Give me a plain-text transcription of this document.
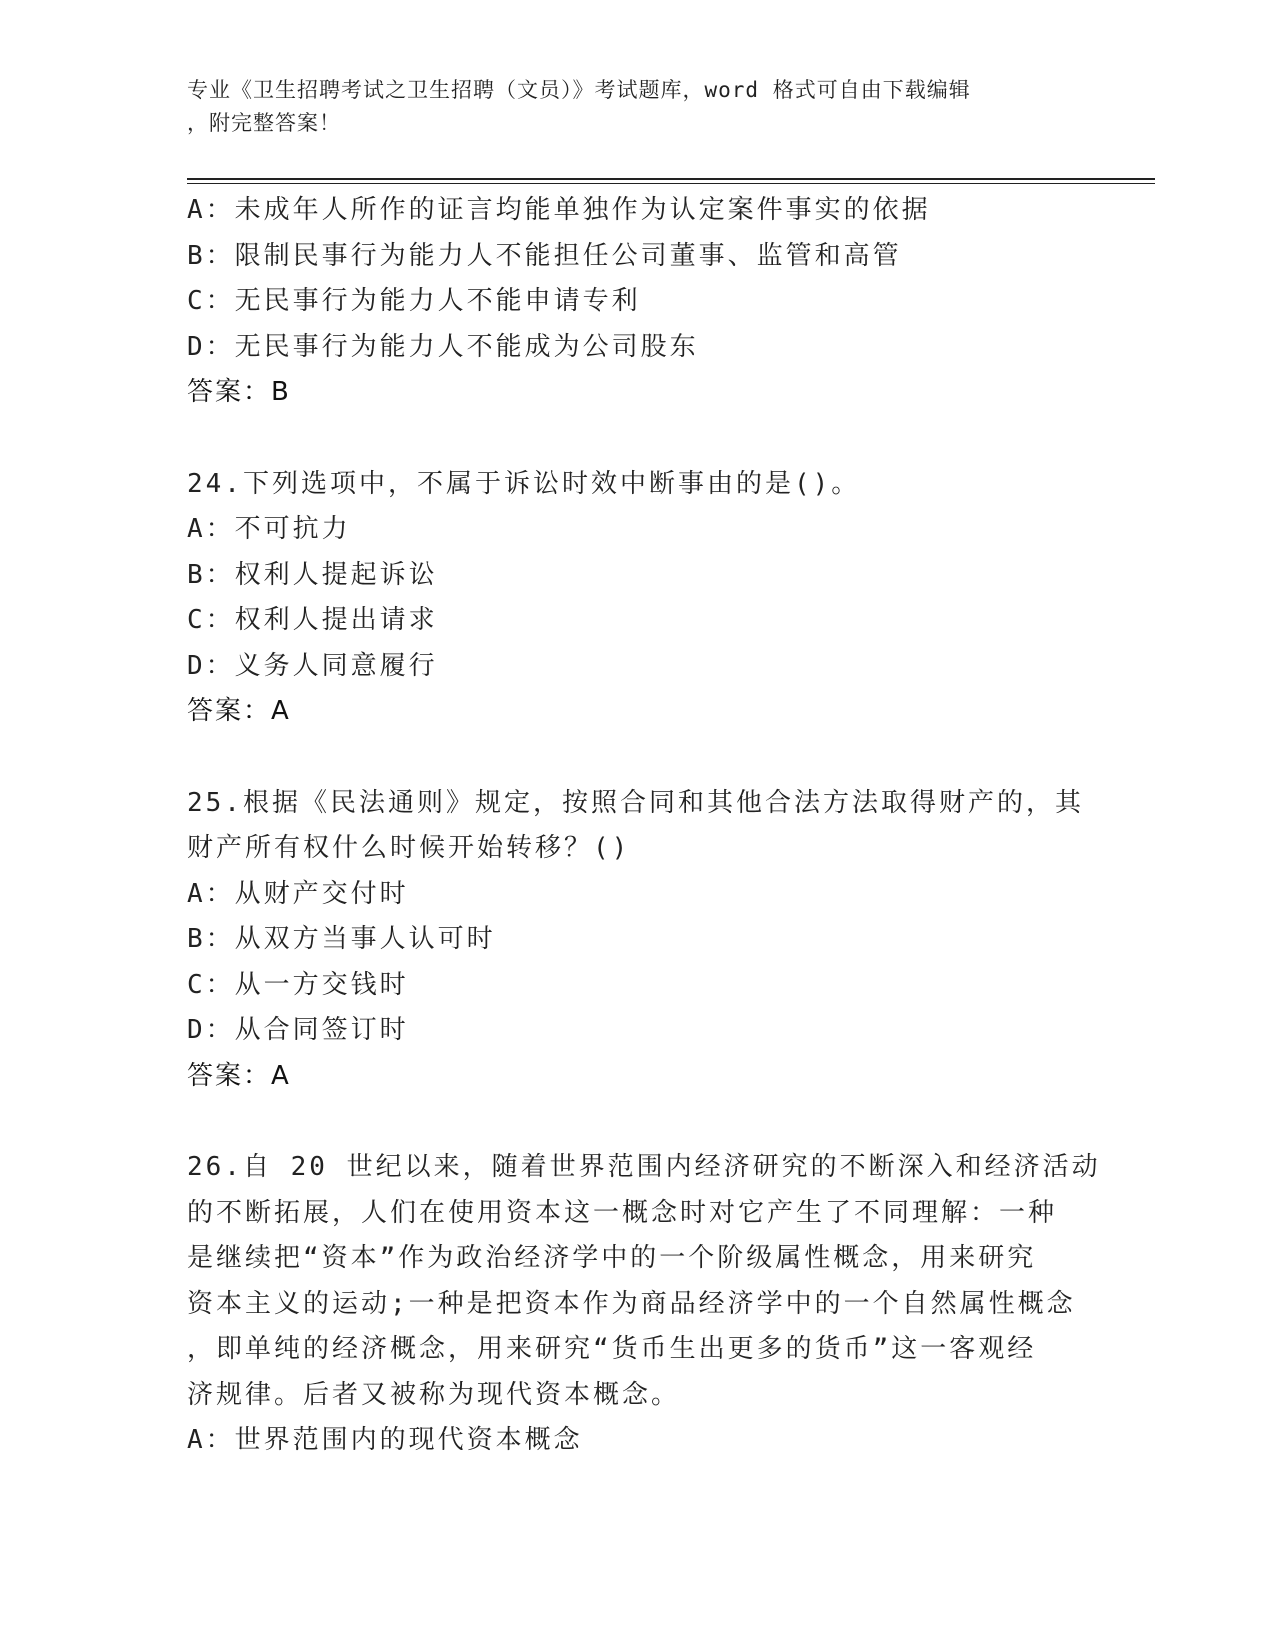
专业《卫生招聘考试之卫生招聘（文员）》考试题库，word 格式可自由下载编辑
，附完整答案！
A：未成年人所作的证言均能单独作为认定案件事实的依据
B：限制民事行为能力人不能担任公司董事、监管和高管
C：无民事行为能力人不能申请专利
D：无民事行为能力人不能成为公司股东
答案：B
24.下列选项中，不属于诉讼时效中断事由的是()。
A：不可抗力
B：权利人提起诉讼
C：权利人提出请求
D：义务人同意履行
答案：A
25.根据《民法通则》规定，按照合同和其他合法方法取得财产的，其
财产所有权什么时候开始转移？()
A：从财产交付时
B：从双方当事人认可时
C：从一方交钱时
D：从合同签订时
答案：A
26.自 20 世纪以来，随着世界范围内经济研究的不断深入和经济活动
的不断拓展，人们在使用资本这一概念时对它产生了不同理解：一种
是继续把“资本”作为政治经济学中的一个阶级属性概念，用来研究
资本主义的运动;一种是把资本作为商品经济学中的一个自然属性概念
，即单纯的经济概念，用来研究“货币生出更多的货币”这一客观经
济规律。后者又被称为现代资本概念。
A：世界范围内的现代资本概念
